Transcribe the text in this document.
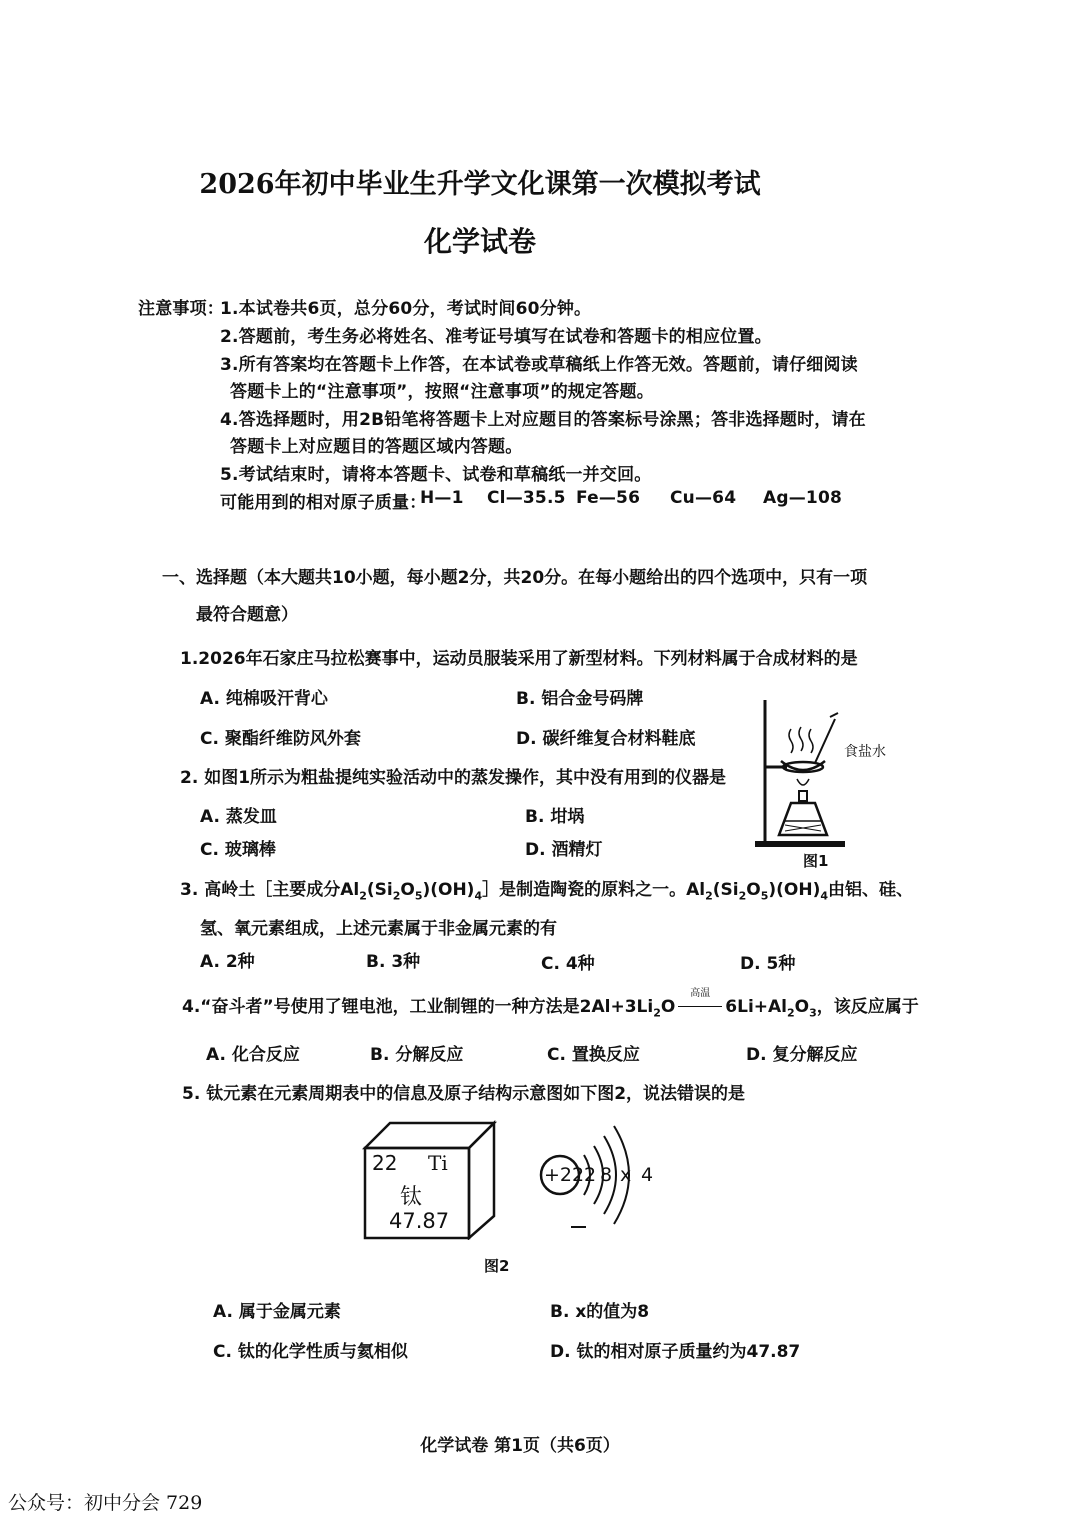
2026年初中毕业生升学文化课第一次模拟考试
化学试卷
注意事项：
1.本试卷共6页，总分60分，考试时间60分钟。
2.答题前，考生务必将姓名、准考证号填写在试卷和答题卡的相应位置。
3.所有答案均在答题卡上作答，在本试卷或草稿纸上作答无效。答题前，请仔细阅读
答题卡上的“注意事项”，按照“注意事项”的规定答题。
4.答选择题时，用2B铅笔将答题卡上对应题目的答案标号涂黑；答非选择题时，请在
答题卡上对应题目的答题区域内答题。
5.考试结束时，请将本答题卡、试卷和草稿纸一并交回。
可能用到的相对原子质量：
H—1 Cl—35.5 Fe—56 Cu—64 Ag—108
一、选择题（本大题共10小题，每小题2分，共20分。在每小题给出的四个选项中，只有一项
最符合题意）
1.2026年石家庄马拉松赛事中，运动员服装采用了新型材料。下列材料属于合成材料的是
A. 纯棉吸汗背心	B. 铝合金号码牌
C. 聚酯纤维防风外套	D. 碳纤维复合材料鞋底
2. 如图1所示为粗盐提纯实验活动中的蒸发操作，其中没有用到的仪器是
A. 蒸发皿	B. 坩埚
C. 玻璃棒	D. 酒精灯
食盐水
图1
3. 高岭土［主要成分$Al_2(Si_2O_5)(OH)_4]$是制造陶瓷的原料之一。$Al_2(Si_2O_5)(OH)_4$由铝、硅、
氢、氧元素组成，上述元素属于非金属元素的有
A. 2种	B. 3种	C. 4种	D. 5种
4.“奋斗者”号使用了锂电池，工业制锂的一种方法是$2Al+3Li_2O$
高温
$6Li+Al_2O_3$，该反应属于
A. 化合反应	B. 分解反应	C. 置换反应	D. 复分解反应
5. 钛元素在元素周期表中的信息及原子结构示意图如下图2，说法错误的是
22 Ti
钛
47.87
+22 2 8 x 4
图2
A. 属于金属元素	B. x的值为8
C. 钛的化学性质与氦相似	D. 钛的相对原子质量约为47.87
化学试卷 第1页（共6页）
公众号：初中分会 729
